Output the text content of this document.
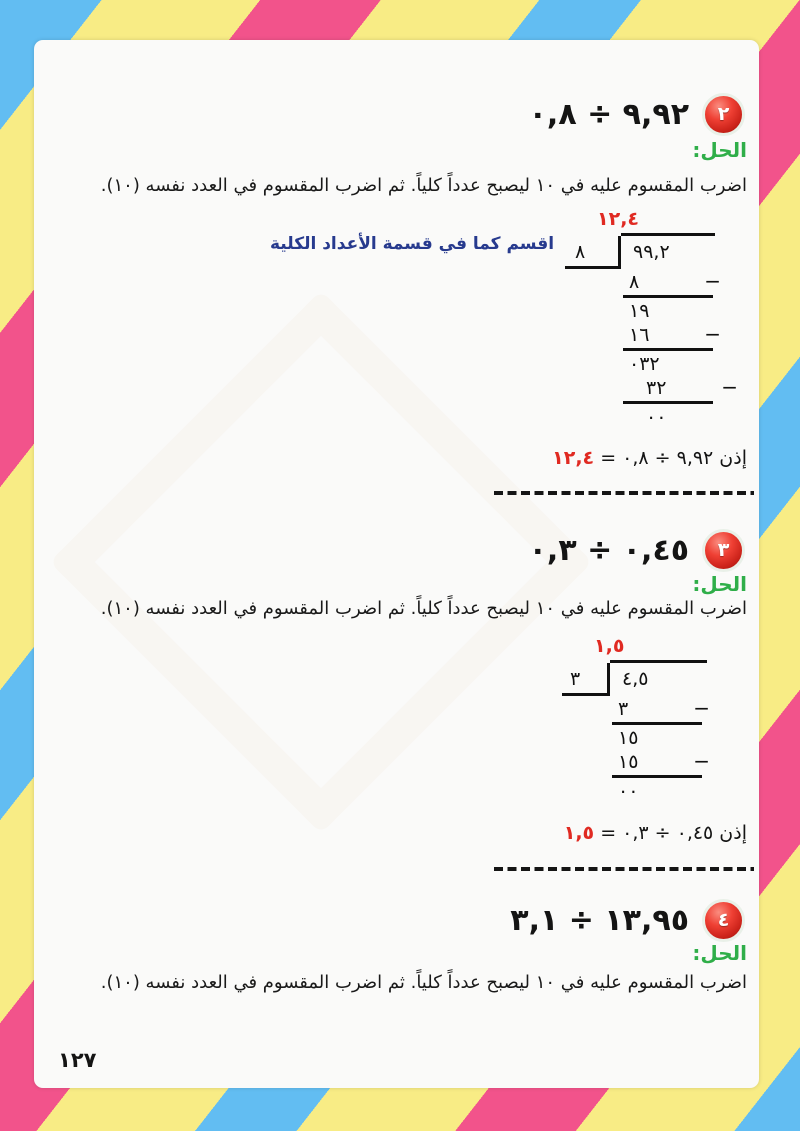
٢
٩,٩٢ ÷ ٠,٨
الحل:
اضرب المقسوم عليه في ١٠ ليصبح عدداً كلياً. ثم اضرب المقسوم في العدد نفسه (١٠).
اقسم كما في قسمة الأعداد الكلية
١٢,٤
٨	٩٩,٢
٨	−
١٩
١٦	−
٠٣٢
٣٢	−
٠٠
إذن ٩,٩٢ ÷ ٠,٨ = ١٢,٤
٣
٠,٤٥ ÷ ٠,٣
الحل:
اضرب المقسوم عليه في ١٠ ليصبح عدداً كلياً. ثم اضرب المقسوم في العدد نفسه (١٠).
١,٥
٣	٤,٥
٣	−
١٥
١٥	−
٠٠
إذن ٠,٤٥ ÷ ٠,٣ = ١,٥
٤
١٣,٩٥ ÷ ٣,١
الحل:
اضرب المقسوم عليه في ١٠ ليصبح عدداً كلياً. ثم اضرب المقسوم في العدد نفسه (١٠).
١٢٧
